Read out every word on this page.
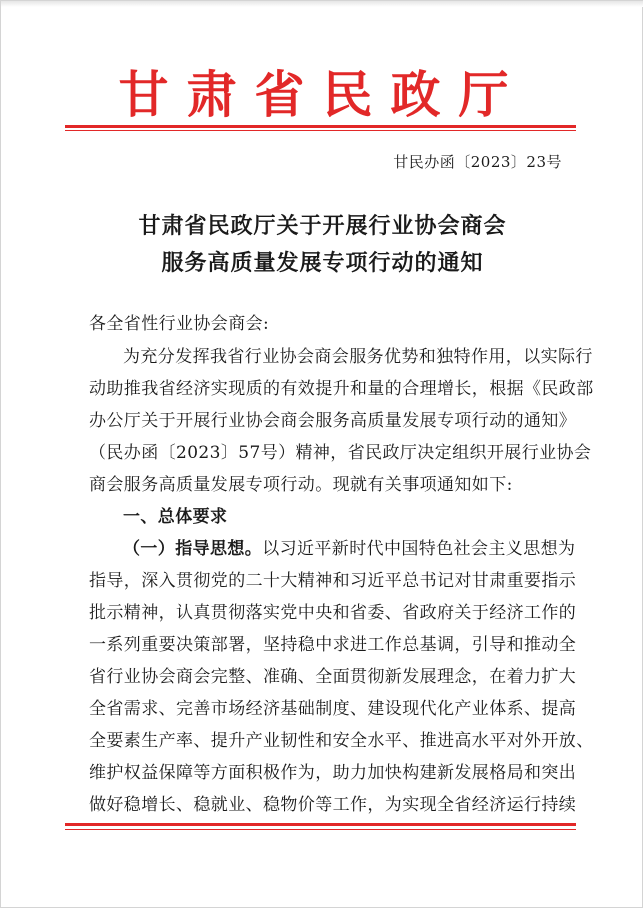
甘肃省民政厅
甘民办函〔2023〕23号
甘肃省民政厅关于开展行业协会商会
服务高质量发展专项行动的通知
各全省性行业协会商会:
为充分发挥我省行业协会商会服务优势和独特作用，以实际行
动助推我省经济实现质的有效提升和量的合理增长，根据《民政部
办公厅关于开展行业协会商会服务高质量发展专项行动的通知》
（民办函〔2023〕57号）精神，省民政厅决定组织开展行业协会
商会服务高质量发展专项行动。现就有关事项通知如下:
一、总体要求
（一）指导思想。以习近平新时代中国特色社会主义思想为
指导，深入贯彻党的二十大精神和习近平总书记对甘肃重要指示
批示精神，认真贯彻落实党中央和省委、省政府关于经济工作的
一系列重要决策部署，坚持稳中求进工作总基调，引导和推动全
省行业协会商会完整、准确、全面贯彻新发展理念，在着力扩大
全省需求、完善市场经济基础制度、建设现代化产业体系、提高
全要素生产率、提升产业韧性和安全水平、推进高水平对外开放、
维护权益保障等方面积极作为，助力加快构建新发展格局和突出
做好稳增长、稳就业、稳物价等工作，为实现全省经济运行持续
